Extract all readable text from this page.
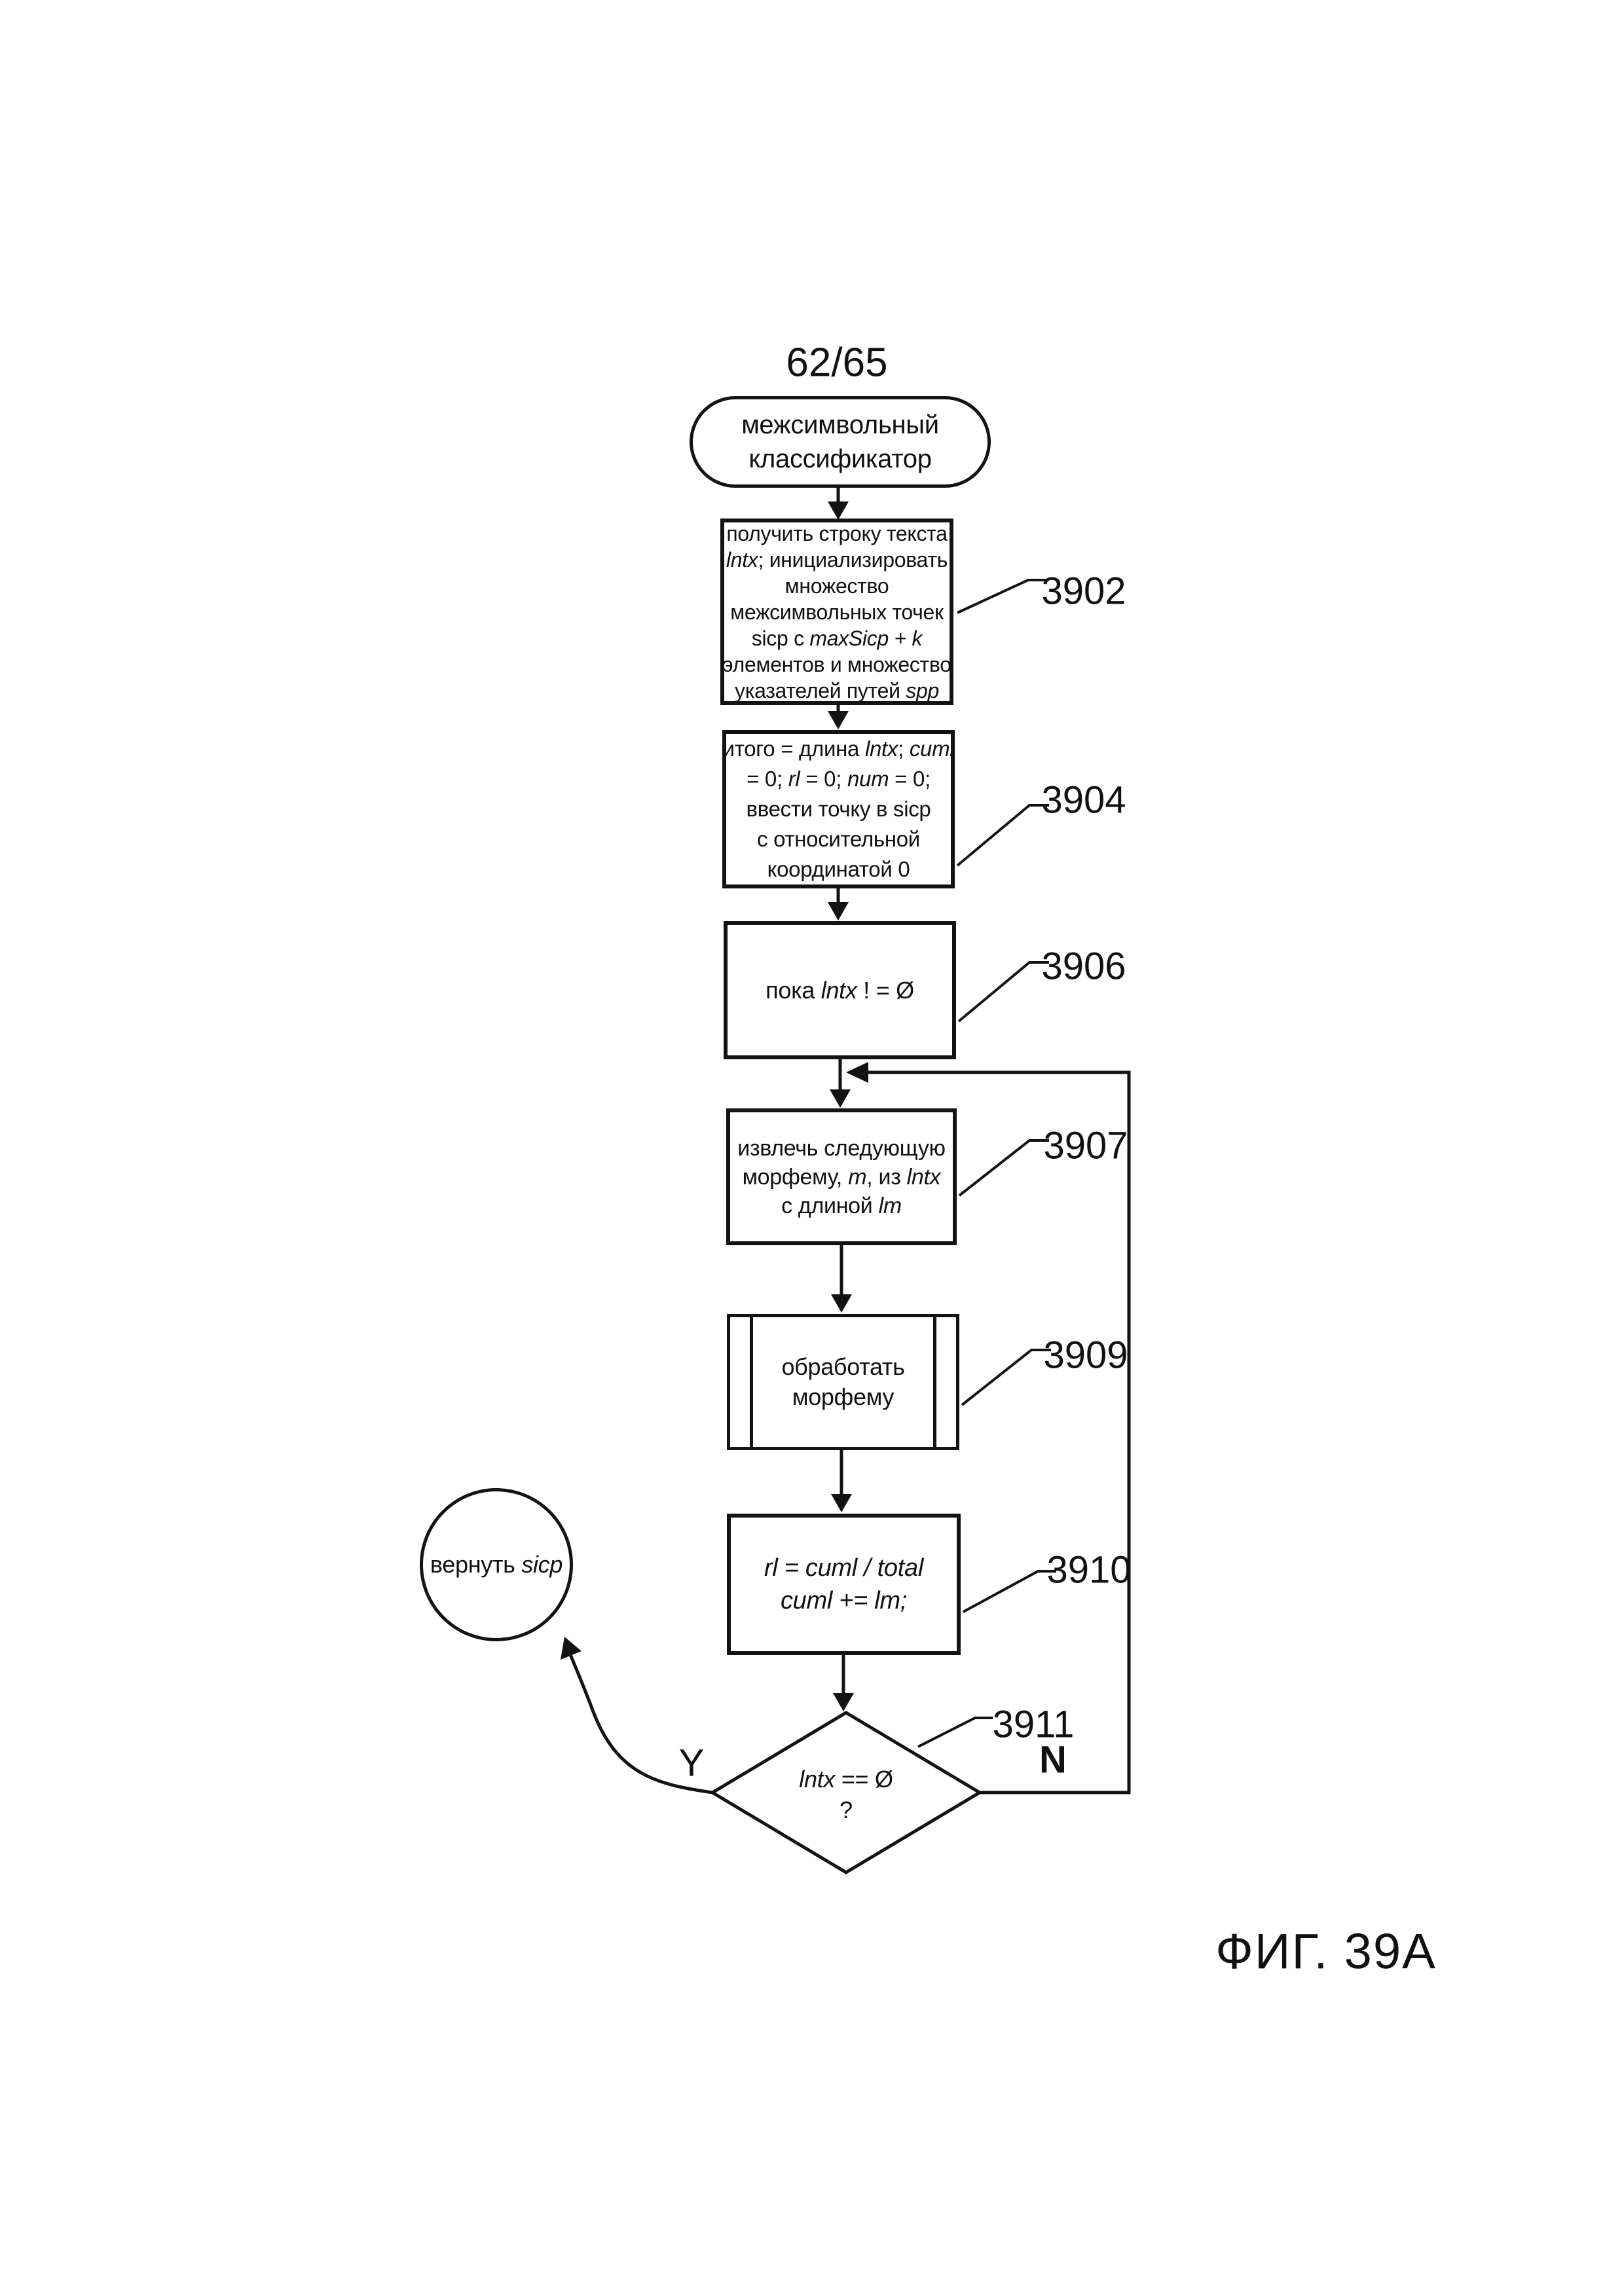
62/65
межсимвольный
классификатор
получить строку текста
lntx; инициализировать
множество
межсимвольных точек
sicp с maxSicp + k
элементов и множество
указателей путей spp
итого = длина lntx; cuml
= 0; rl = 0; num = 0;
ввести точку в sicp
с относительной
координатой 0
пока lntx ! = Ø
извлечь следующую
морфему, m, из lntx
с длиной lm
обработать
морфему
rl = cuml / total
cuml += lm;
lntx == Ø
?
вернуть sicp
3902
3904
3906
3907
3909
3910
3911
Y	N
ФИГ. 39А
